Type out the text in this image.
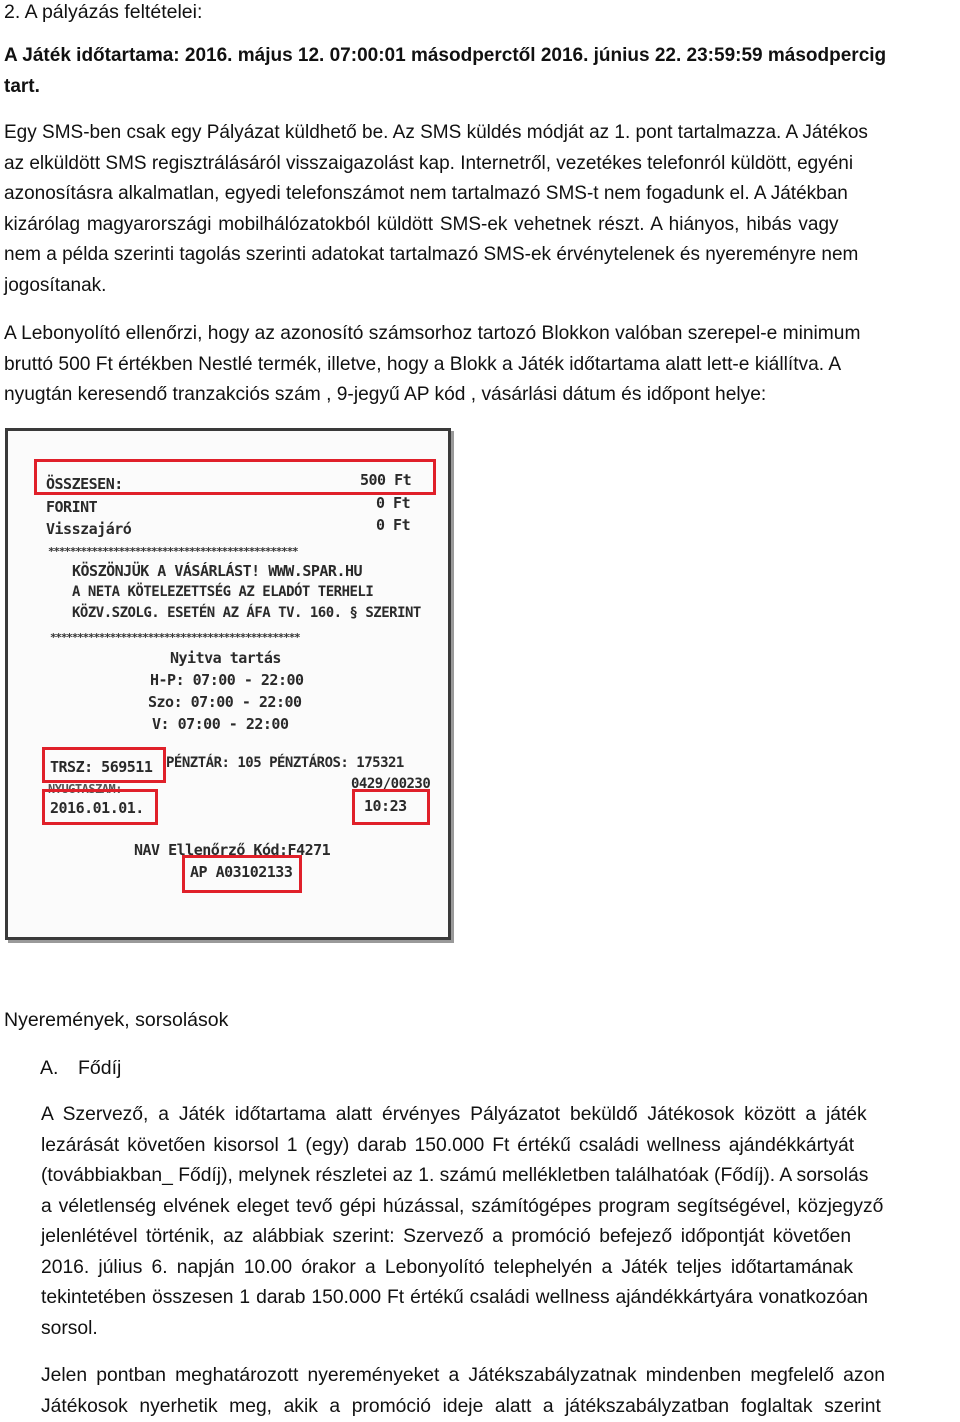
2. A pályázás feltételei:
A Játék időtartama: 2016. május 12. 07:00:01 másodperctől 2016. június 22. 23:59:59 másodpercig
tart.
Egy SMS-ben csak egy Pályázat küldhető be. Az SMS küldés módját az 1. pont tartalmazza. A Játékos
az elküldött SMS regisztrálásáról visszaigazolást kap. Internetről, vezetékes telefonról küldött, egyéni
azonosításra alkalmatlan, egyedi telefonszámot nem tartalmazó SMS-t nem fogadunk el. A Játékban
kizárólag magyarországi mobilhálózatokból küldött SMS-ek vehetnek részt. A hiányos, hibás vagy
nem a példa szerinti tagolás szerinti adatokat tartalmazó SMS-ek érvénytelenek és nyereményre nem
jogosítanak.
A Lebonyolító ellenőrzi, hogy az azonosító számsorhoz tartozó Blokkon valóban szerepel-e minimum
bruttó 500 Ft értékben Nestlé termék, illetve, hogy a Blokk a Játék időtartama alatt lett-e kiállítva. A
nyugtán keresendő tranzakciós szám , 9-jegyű AP kód , vásárlási dátum és időpont helye:
ÖSSZESEN:	500 Ft
FORINT	0 Ft
Visszajáró	0 Ft
**********************************************
KÖSZÖNJÜK A VÁSÁRLÁST! WWW.SPAR.HU
A NETA KÖTELEZETTSÉG AZ ELADÓT TERHELI
KÖZV.SZOLG. ESETÉN AZ ÁFA TV. 160. § SZERINT
**********************************************
Nyitva tartás
H-P: 07:00 - 22:00
Szo: 07:00 - 22:00
V: 07:00 - 22:00
TRSZ: 569511 PÉNZTÁR: 105 PÉNZTÁROS: 175321
0429/00230
NYUGTASZÁM:
2016.01.01.	10:23
NAV Ellenőrző Kód:F4271
AP A03102133
Nyeremények, sorsolások
A. Fődíj
A Szervező, a Játék időtartama alatt érvényes Pályázatot beküldő Játékosok között a játék
lezárását követően kisorsol 1 (egy) darab 150.000 Ft értékű családi wellness ajándékkártyát
(továbbiakban_ Fődíj), melynek részletei az 1. számú mellékletben találhatóak (Fődíj). A sorsolás
a véletlenség elvének eleget tevő gépi húzással, számítógépes program segítségével, közjegyző
jelenlétével történik, az alábbiak szerint: Szervező a promóció befejező időpontját követően
2016. július 6. napján 10.00 órakor a Lebonyolító telephelyén a Játék teljes időtartamának
tekintetében összesen 1 darab 150.000 Ft értékű családi wellness ajándékkártyára vonatkozóan
sorsol.
Jelen pontban meghatározott nyereményeket a Játékszabályzatnak mindenben megfelelő azon
Játékosok nyerhetik meg, akik a promóció ideje alatt a játékszabályzatban foglaltak szerint
